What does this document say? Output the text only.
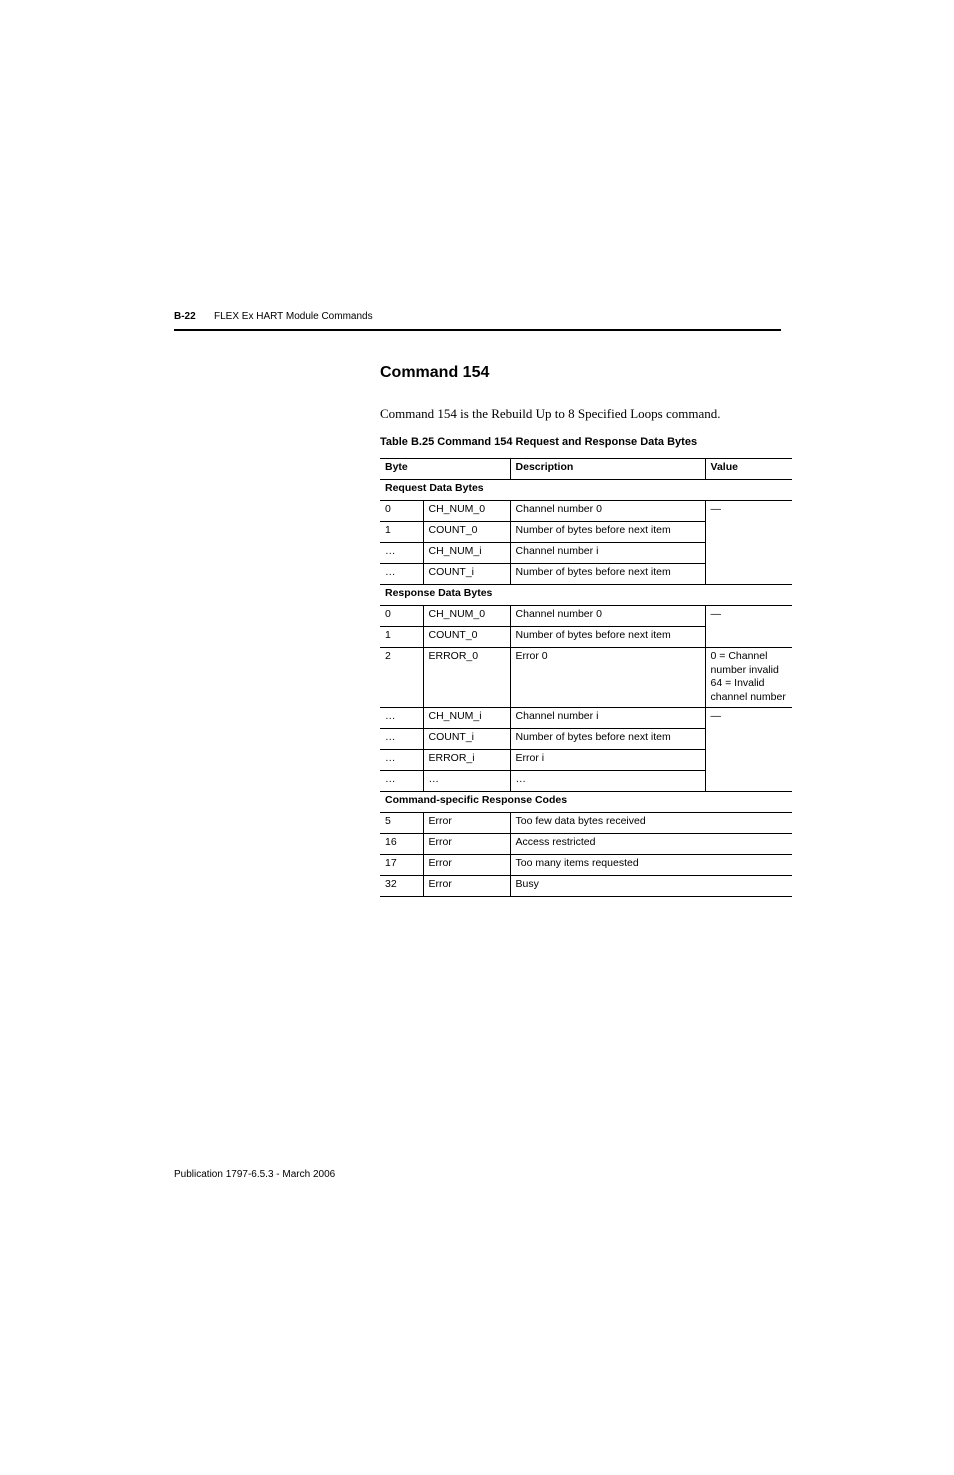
B-22 FLEX Ex HART Module Commands
Command 154
Command 154 is the Rebuild Up to 8 Specified Loops command.
Table B.25 Command 154 Request and Response Data Bytes
Byte		Description	Value
Request Data Bytes			
0	CH_NUM_0	Channel number 0	—
1	COUNT_0	Number of bytes before next item	
…	CH_NUM_i	Channel number i	
…	COUNT_i	Number of bytes before next item	
Response Data Bytes			
0	CH_NUM_0	Channel number 0	—
1	COUNT_0	Number of bytes before next item	
2	ERROR_0	Error 0	0 = Channel
number invalid
64 = Invalid
channel number

…	CH_NUM_i	Channel number i	—
…	COUNT_i	Number of bytes before next item	
…	ERROR_i	Error i	
…	…	…	
Command-specific Response Codes			
5	Error	Too few data bytes received	
16	Error	Access restricted	
17	Error	Too many items requested	
32	Error	Busy	
Publication 1797-6.5.3 - March 2006
